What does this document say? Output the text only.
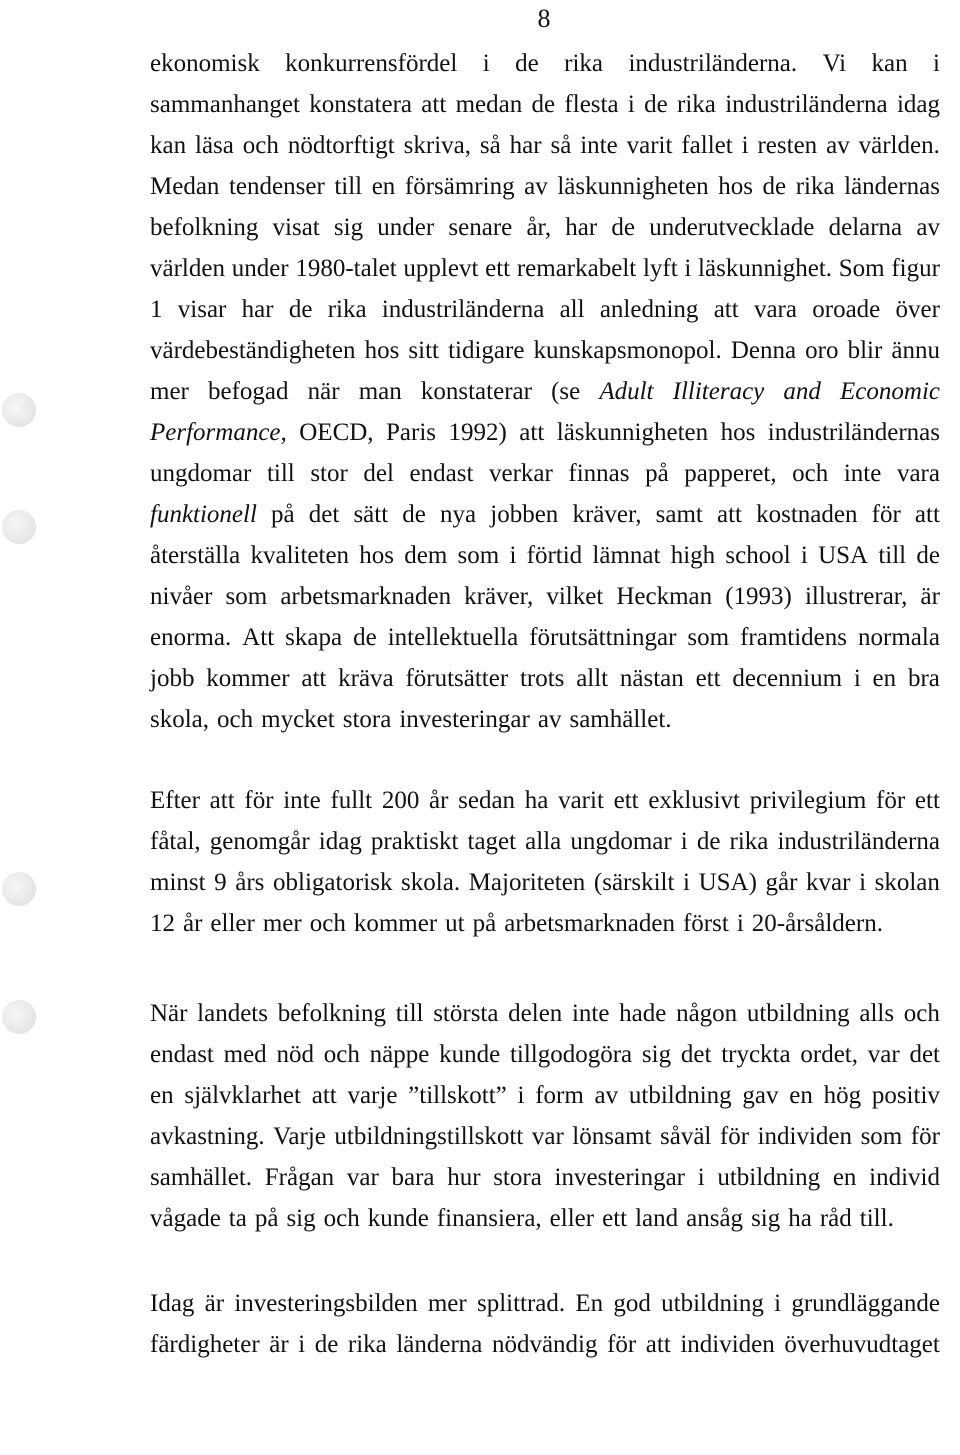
8
ekonomisk konkurrensfördel i de rika industriländerna. Vi kan i
sammanhanget konstatera att medan de flesta i de rika industriländerna idag
kan läsa och nödtorftigt skriva, så har så inte varit fallet i resten av världen.
Medan tendenser till en försämring av läskunnigheten hos de rika ländernas
befolkning visat sig under senare år, har de underutvecklade delarna av
världen under 1980-talet upplevt ett remarkabelt lyft i läskunnighet. Som figur
1 visar har de rika industriländerna all anledning att vara oroade över
värdebeständigheten hos sitt tidigare kunskapsmonopol. Denna oro blir ännu
mer befogad när man konstaterar (se Adult Illiteracy and Economic
Performance, OECD, Paris 1992) att läskunnigheten hos industriländernas
ungdomar till stor del endast verkar finnas på papperet, och inte vara
funktionell på det sätt de nya jobben kräver, samt att kostnaden för att
återställa kvaliteten hos dem som i förtid lämnat high school i USA till de
nivåer som arbetsmarknaden kräver, vilket Heckman (1993) illustrerar, är
enorma. Att skapa de intellektuella förutsättningar som framtidens normala
jobb kommer att kräva förutsätter trots allt nästan ett decennium i en bra
skola, och mycket stora investeringar av samhället.
Efter att för inte fullt 200 år sedan ha varit ett exklusivt privilegium för ett
fåtal, genomgår idag praktiskt taget alla ungdomar i de rika industriländerna
minst 9 års obligatorisk skola. Majoriteten (särskilt i USA) går kvar i skolan
12 år eller mer och kommer ut på arbetsmarknaden först i 20-årsåldern.
När landets befolkning till största delen inte hade någon utbildning alls och
endast med nöd och näppe kunde tillgodogöra sig det tryckta ordet, var det
en självklarhet att varje ”tillskott” i form av utbildning gav en hög positiv
avkastning. Varje utbildningstillskott var lönsamt såväl för individen som för
samhället. Frågan var bara hur stora investeringar i utbildning en individ
vågade ta på sig och kunde finansiera, eller ett land ansåg sig ha råd till.
Idag är investeringsbilden mer splittrad. En god utbildning i grundläggande
färdigheter är i de rika länderna nödvändig för att individen överhuvudtaget
